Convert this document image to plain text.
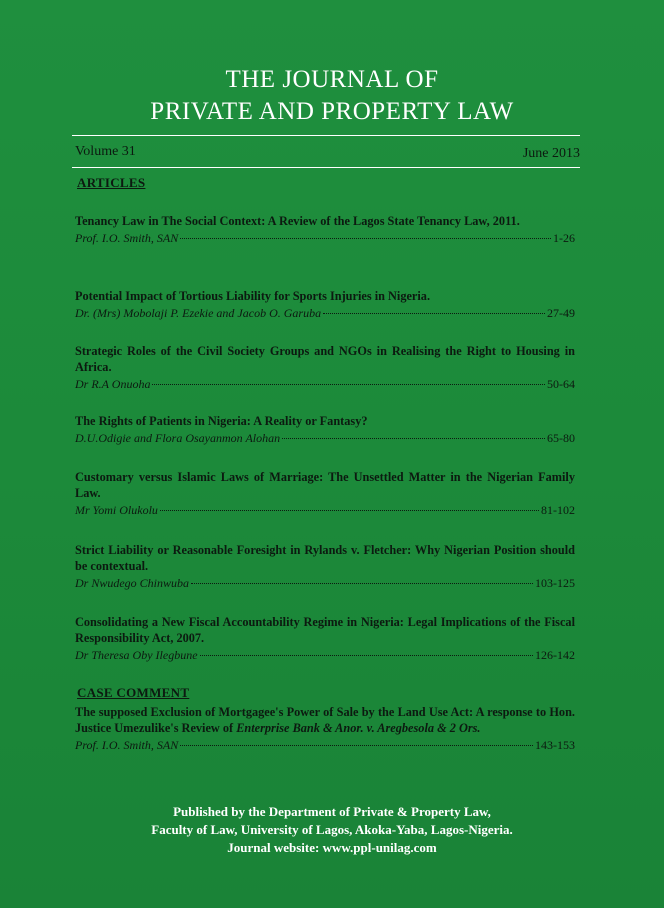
THE JOURNAL OF
PRIVATE AND PROPERTY LAW
Volume 31	June 2013
ARTICLES
Tenancy Law in The Social Context: A Review of the Lagos State Tenancy Law, 2011.
Prof. I.O. Smith, SAN	1-26
Potential Impact of Tortious Liability for Sports Injuries in Nigeria.
Dr. (Mrs) Mobolaji P. Ezekie and Jacob O. Garuba	27-49
Strategic Roles of the Civil Society Groups and NGOs in Realising the Right to Housing in Africa.
Dr R.A Onuoha	50-64
The Rights of Patients in Nigeria: A Reality or Fantasy?
D.U.Odigie and Flora Osayanmon Alohan	65-80
Customary versus Islamic Laws of Marriage: The Unsettled Matter in the Nigerian Family Law.
Mr Yomi Olukolu	81-102
Strict Liability or Reasonable Foresight in Rylands v. Fletcher: Why Nigerian Position should be contextual.
Dr Nwudego Chinwuba	103-125
Consolidating a New Fiscal Accountability Regime in Nigeria: Legal Implications of the Fiscal Responsibility Act, 2007.
Dr Theresa Oby Ilegbune	126-142
CASE COMMENT
The supposed Exclusion of Mortgagee's Power of Sale by the Land Use Act: A response to Hon. Justice Umezulike's Review of Enterprise Bank & Anor. v. Aregbesola & 2 Ors.
Prof. I.O. Smith, SAN	143-153
Published by the Department of Private & Property Law,
Faculty of Law, University of Lagos, Akoka-Yaba, Lagos-Nigeria.
Journal website: www.ppl-unilag.com
